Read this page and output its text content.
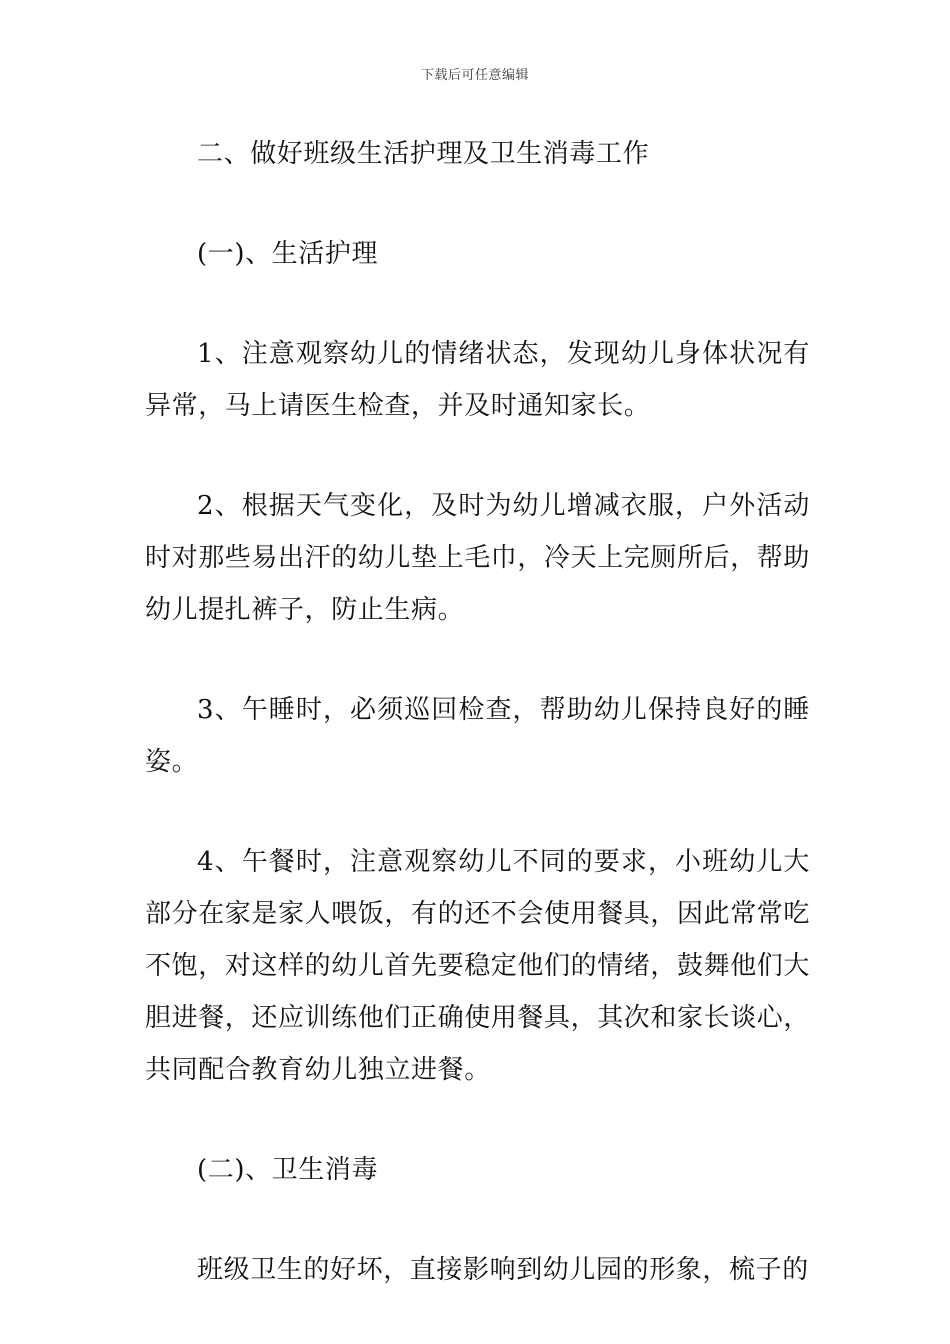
下载后可任意编辑

二、做好班级生活护理及卫生消毒工作

(一)、生活护理

1、注意观察幼儿的情绪状态，发现幼儿身体状况有异常，马上请医生检查，并及时通知家长。

2、根据天气变化，及时为幼儿增减衣服，户外活动时对那些易出汗的幼儿垫上毛巾，冷天上完厕所后，帮助幼儿提扎裤子，防止生病。

3、午睡时，必须巡回检查，帮助幼儿保持良好的睡姿。

4、午餐时，注意观察幼儿不同的要求，小班幼儿大部分在家是家人喂饭，有的还不会使用餐具，因此常常吃不饱，对这样的幼儿首先要稳定他们的情绪，鼓舞他们大胆进餐，还应训练他们正确使用餐具，其次和家长谈心，共同配合教育幼儿独立进餐。

(二)、卫生消毒

班级卫生的好坏，直接影响到幼儿园的形象，梳子的
